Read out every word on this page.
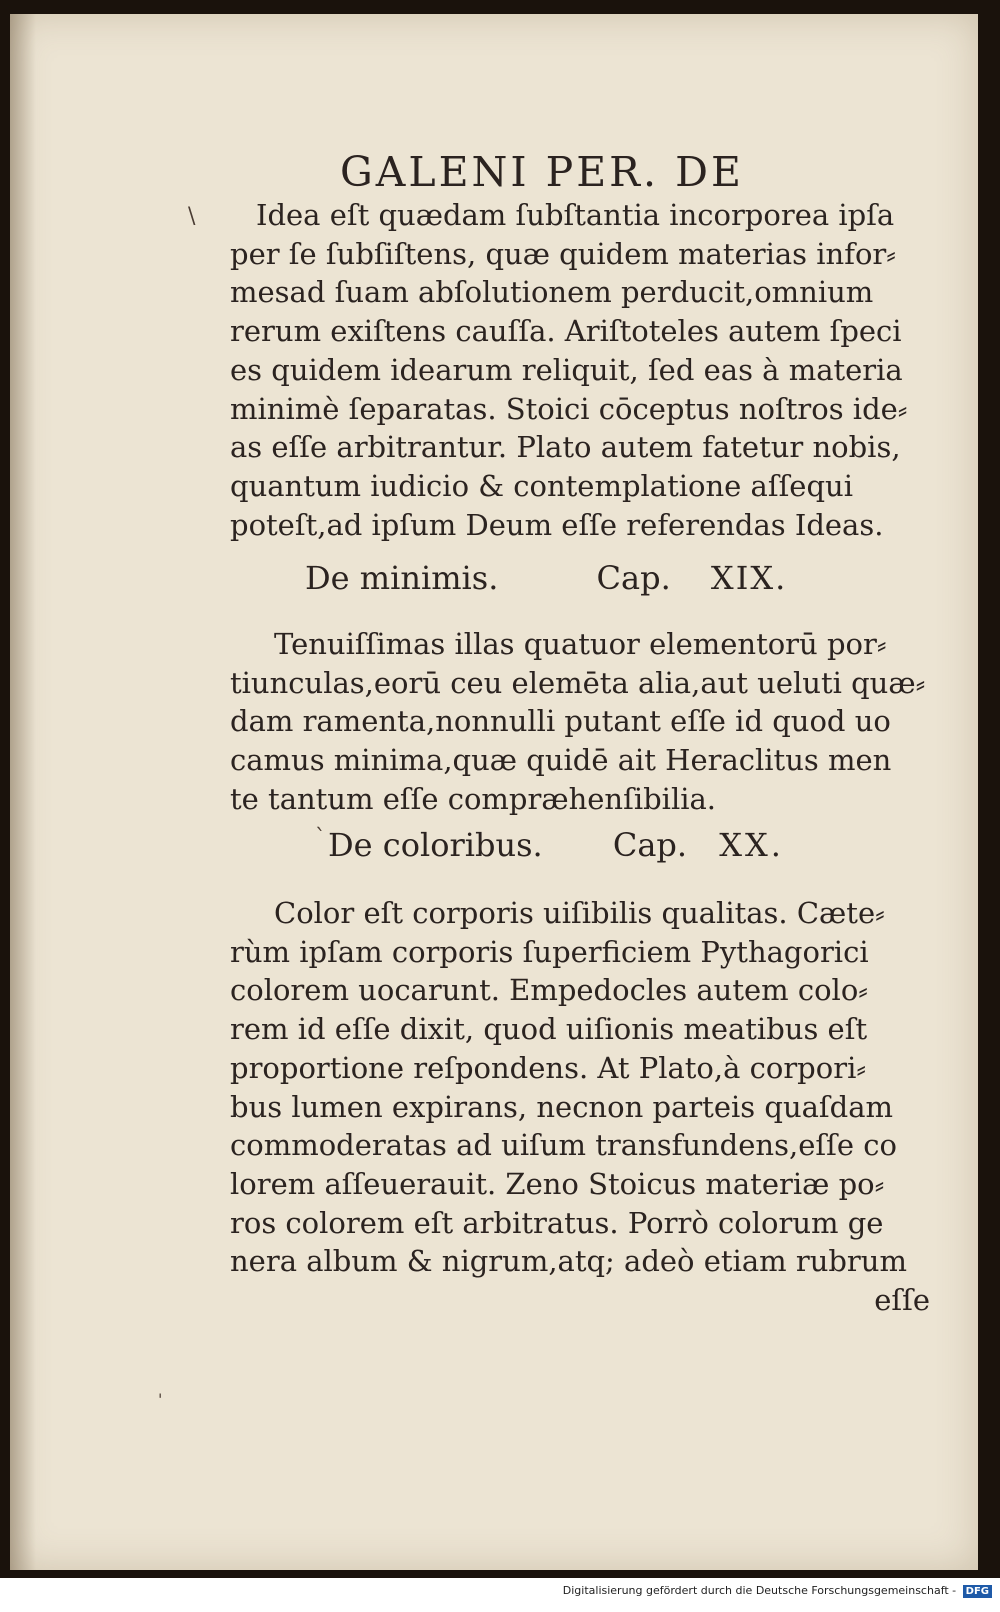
GALENI PER. DE
\	Idea eſt quædam ſubſtantia incorporea ipſa
per ſe ſubſiſtens, quæ quidem materias infor⸗
mesad ſuam abſolutionem perducit,omnium
rerum exiſtens cauſſa. Ariſtoteles autem ſpeci
es quidem idearum reliquit, ſed eas à materia
minimè ſeparatas. Stoici cōceptus noſtros ide⸗
as eſſe arbitrantur. Plato autem fatetur nobis,
quantum iudicio & contemplatione aſſequi
poteſt,ad ipſum Deum eſſe referendas Ideas.
De minimis.	Cap. XIX.
Tenuiſſimas illas quatuor elementorū por⸗
tiunculas,eorū ceu elemēta alia,aut ueluti quæ⸗
dam ramenta,nonnulli putant eſſe id quod uo
camus minima,quæ quidē ait Heraclitus men
te tantum eſſe compræhenſibilia.
` De coloribus. Cap. XX.
Color eſt corporis uiſibilis qualitas. Cæte⸗
rùm ipſam corporis ſuperficiem Pythagorici
colorem uocarunt. Empedocles autem colo⸗
rem id eſſe dixit, quod uiſionis meatibus eſt
proportione reſpondens. At Plato,à corpori⸗
bus lumen expirans, necnon parteis quaſdam
commoderatas ad uiſum transfundens,eſſe co
lorem aſſeuerauit. Zeno Stoicus materiæ po⸗
ros colorem eſt arbitratus. Porrò colorum ge
nera album & nigrum,atq; adeò etiam rubrum
eſſe
'
Digitalisierung gefördert durch die Deutsche Forschungsgemeinschaft - DFG
